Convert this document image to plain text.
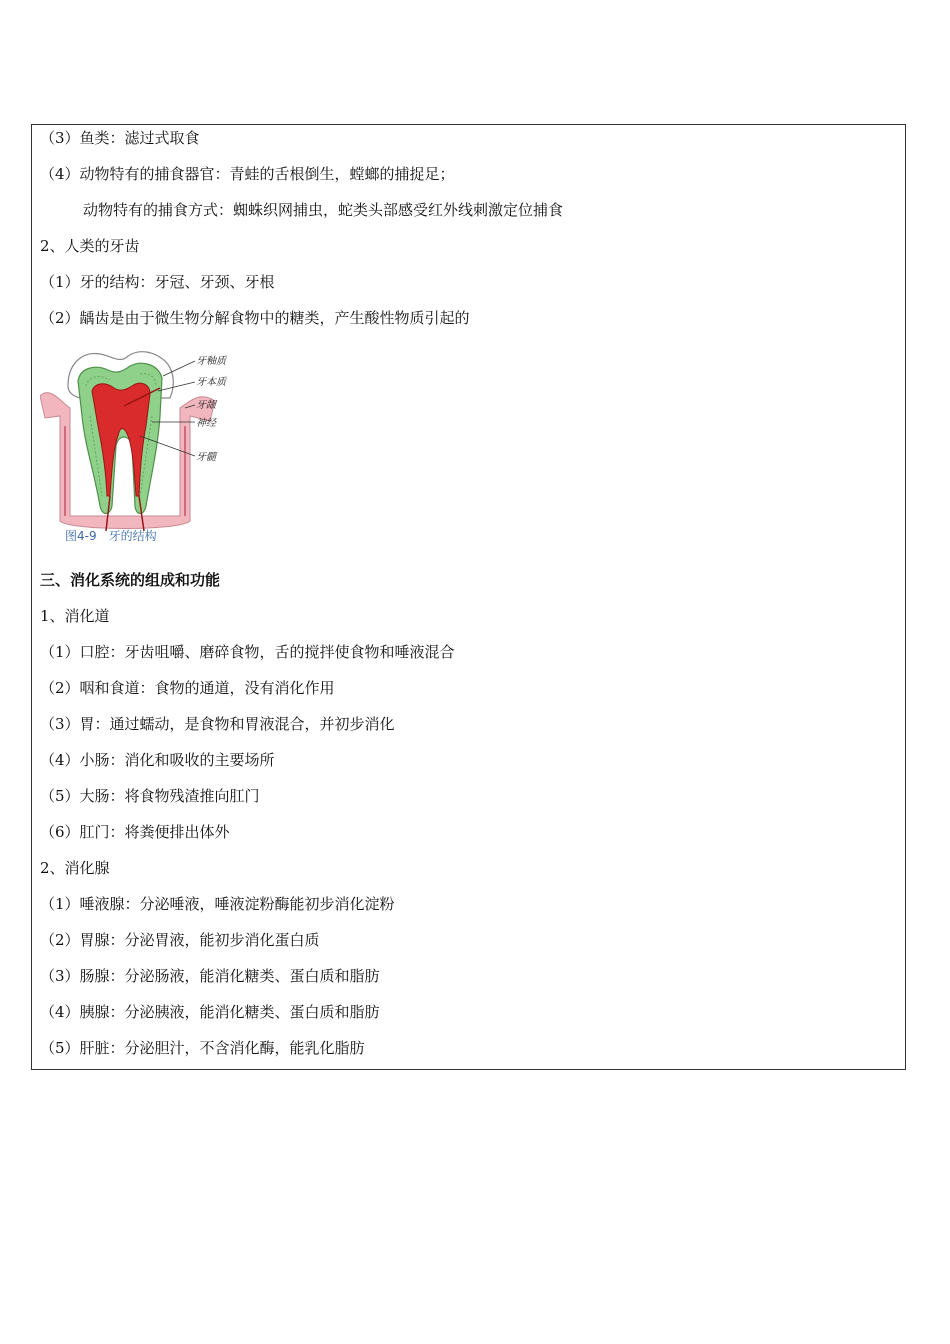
（3）鱼类：滤过式取食
（4）动物特有的捕食器官：青蛙的舌根倒生，螳螂的捕捉足；
动物特有的捕食方式：蜘蛛织网捕虫，蛇类头部感受红外线刺激定位捕食
2、人类的牙齿
（1）牙的结构：牙冠、牙颈、牙根
（2）龋齿是由于微生物分解食物中的糖类，产生酸性物质引起的
牙釉质
牙本质
牙龈
神经
牙髓
图4-9　牙的结构
三、消化系统的组成和功能
1、消化道
（1）口腔：牙齿咀嚼、磨碎食物，舌的搅拌使食物和唾液混合
（2）咽和食道：食物的通道，没有消化作用
（3）胃：通过蠕动，是食物和胃液混合，并初步消化
（4）小肠：消化和吸收的主要场所
（5）大肠：将食物残渣推向肛门
（6）肛门：将粪便排出体外
2、消化腺
（1）唾液腺：分泌唾液，唾液淀粉酶能初步消化淀粉
（2）胃腺：分泌胃液，能初步消化蛋白质
（3）肠腺：分泌肠液，能消化糖类、蛋白质和脂肪
（4）胰腺：分泌胰液，能消化糖类、蛋白质和脂肪
（5）肝脏：分泌胆汁，不含消化酶，能乳化脂肪
